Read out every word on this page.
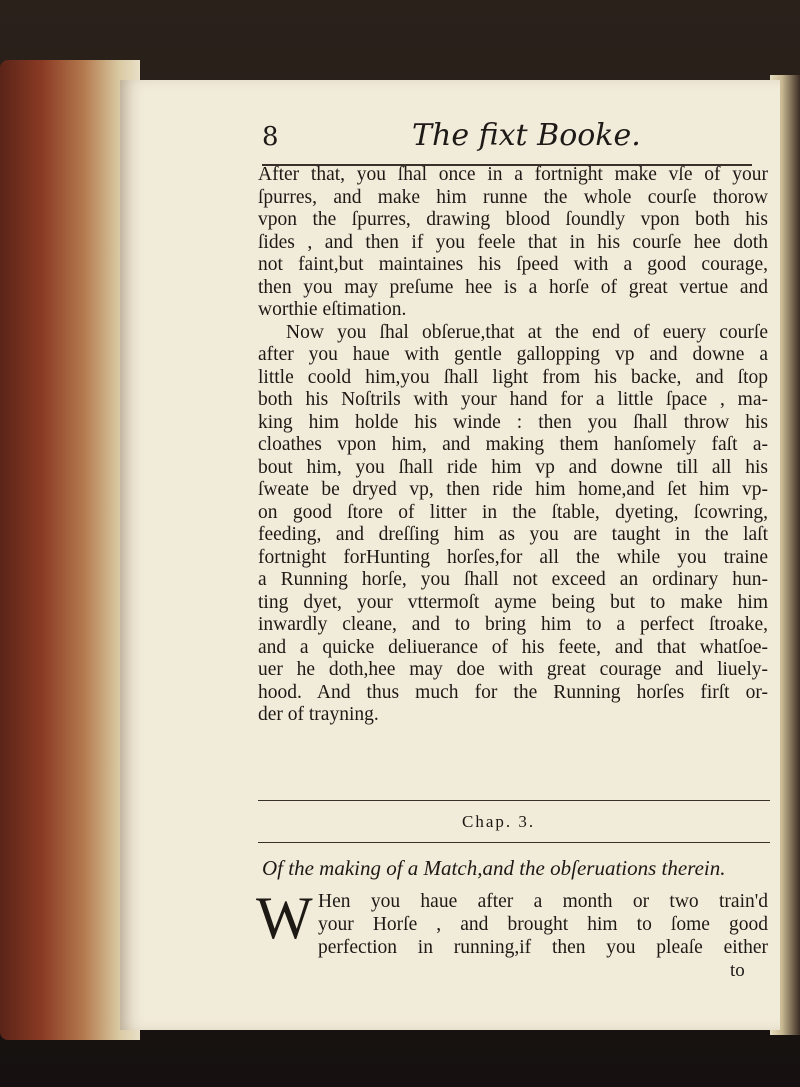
8	The fixt Booke.
After that, you ſhal once in a fortnight make vſe of your
ſpurres, and make him runne the whole courſe thorow
vpon the ſpurres, drawing blood ſoundly vpon both his
ſides , and then if you feele that in his courſe hee doth
not faint,but maintaines his ſpeed with a good courage,
then you may preſume hee is a horſe of great vertue and
worthie eſtimation.
Now you ſhal obſerue,that at the end of euery courſe
after you haue with gentle gallopping vp and downe a
little coold him,you ſhall light from his backe, and ſtop
both his Noſtrils with your hand for a little ſpace , ma-
king him holde his winde : then you ſhall throw his
cloathes vpon him, and making them hanſomely faſt a-
bout him, you ſhall ride him vp and downe till all his
ſweate be dryed vp, then ride him home,and ſet him vp-
on good ſtore of litter in the ſtable, dyeting, ſcowring,
feeding, and dreſſing him as you are taught in the laſt
fortnight forHunting horſes,for all the while you traine
a Running horſe, you ſhall not exceed an ordinary hun-
ting dyet, your vttermoſt ayme being but to make him
inwardly cleane, and to bring him to a perfect ſtroake,
and a quicke deliuerance of his feete, and that whatſoe-
uer he doth,hee may doe with great courage and liuely-
hood. And thus much for the Running horſes firſt or-
der of trayning.
Chap. 3.
Of the making of a Match,and the obſeruations therein.
W Hen you haue after a month or two train'd
your Horſe , and brought him to ſome good
perfection in running,if then you pleaſe either
to
